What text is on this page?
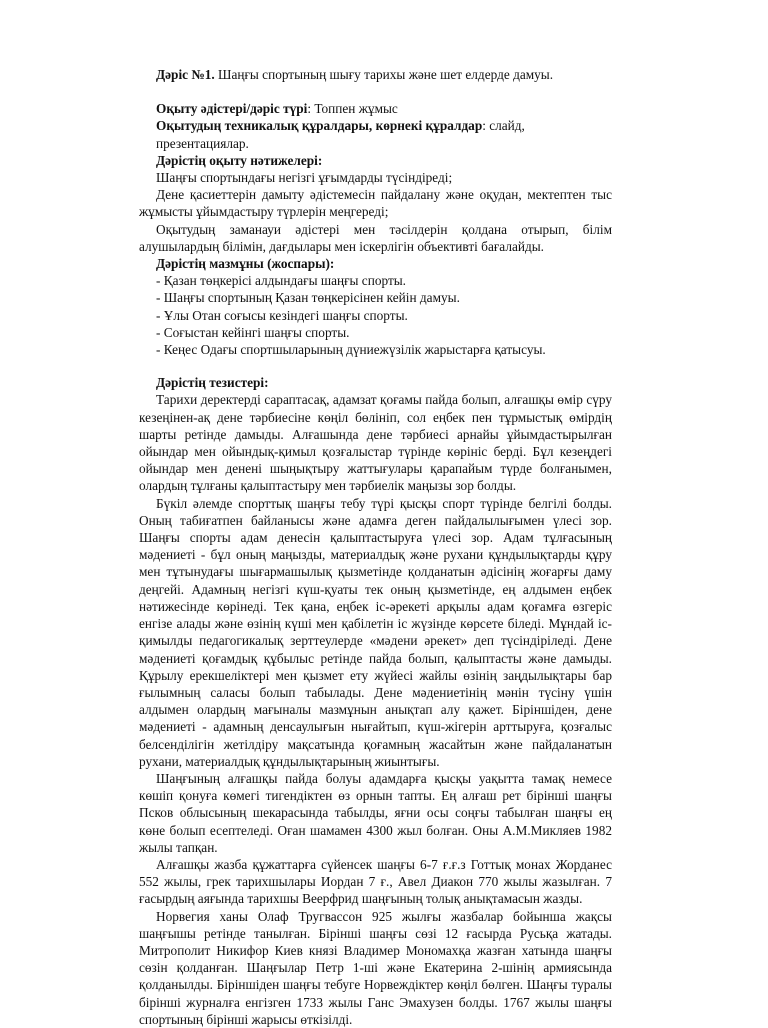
Дәріс №1. Шаңғы спортының шығу тарихы және шет елдерде дамуы.
Оқыту әдістері/дәріс түрі: Топпен жұмыс
Оқытудың техникалық құралдары, көрнекі құралдар: слайд, презентациялар.
Дәрістің оқыту нәтижелері:

Шаңғы спортындағы негізгі ұғымдарды түсіндіреді;

Дене қасиеттерін дамыту әдістемесін пайдалану және оқудан, мектептен тыс жұмысты ұйымдастыру түрлерін меңгереді;

Оқытудың заманауи әдістері мен тәсілдерін қолдана отырып, білім алушылардың білімін, дағдылары мен іскерлігін объективті бағалайды.

Дәрістің мазмұны (жоспары):
- Қазан төңкерісі алдындағы шаңғы спорты.
- Шаңғы спортының Қазан төңкерісінен кейін дамуы.
- Ұлы Отан соғысы кезіндегі шаңғы спорты.
- Соғыстан кейінгі шаңғы спорты.
- Кеңес Одағы спортшыларының дүниежүзілік жарыстарға қатысуы.
Дәрістің тезистері:

Тарихи деректерді сараптасақ, адамзат қоғамы пайда болып, алғашқы өмір сүру кезеңінен-ақ дене тәрбиесіне көңіл бөлініп, сол еңбек пен тұрмыстық өмірдің шарты ретінде дамыды. Алғашында дене тәрбиесі арнайы ұйымдастырылған ойындар мен ойындық-қимыл қозғалыстар түрінде көрініс берді. Бұл кезеңдегі ойындар мен денені шыңықтыру жаттығулары қарапайым түрде болғанымен, олардың тұлғаны қалыптастыру мен тәрбиелік маңызы зор болды.

Бүкіл әлемде спорттық шаңғы тебу түрі қысқы спорт түрінде белгілі болды. Оның табиғатпен байланысы және адамға деген пайдалылығымен үлесі зор. Шаңғы спорты адам денесін қалыптастыруға үлесі зор. Адам тұлғасының мәдениеті - бұл оның маңызды, материалдық және рухани құндылықтарды құру мен тұтынудағы шығармашылық қызметінде қолданатын әдісінің жоғарғы даму деңгейі. Адамның негізгі күш-қуаты тек оның қызметінде, ең алдымен еңбек нәтижесінде көрінеді. Тек қана, еңбек іс-әрекеті арқылы адам қоғамға өзгеріс енгізе алады және өзінің күші мен қабілетін іс жүзінде көрсете біледі. Мұндай іс-қимылды педагогикалық зерттеулерде «мәдени әрекет» деп түсіндіріледі. Дене мәдениеті қоғамдық құбылыс ретінде пайда болып, қалыптасты және дамыды. Құрылу ерекшеліктері мен қызмет ету жүйесі жайлы өзінің заңдылықтары бар ғылымның саласы болып табылады. Дене мәдениетінің мәнін түсіну үшін алдымен олардың мағыналы мазмұнын анықтап алу қажет. Біріншіден, дене мәдениеті - адамның денсаулығын нығайтып, күш-жігерін арттыруға, қозғалыс белсенділігін жетілдіру мақсатында қоғамның жасайтын және пайдаланатын рухани, материалдық құндылықтарының жиынтығы.

Шаңғының алғашқы пайда болуы адамдарға қысқы уақытта тамақ немесе көшіп қонуға көмегі тигендіктен өз орнын тапты. Ең алғаш рет бірінші шаңғы Псков облысының шекарасында табылды, яғни осы соңғы табылған шаңғы ең көне болып есептеледі. Оған шамамен 4300 жыл болған. Оны А.М.Микляев 1982 жылы тапқан.

Алғашқы жазба құжаттарға сүйенсек шаңғы 6-7 ғ.ғ.з Готтық монах Жорданес 552 жылы, грек тарихшылары Иордан 7 ғ., Авел Диакон 770 жылы жазылған. 7 ғасырдың аяғында тарихшы Веерфрид шаңғының толық анықтамасын жазды.

Норвегия ханы Олаф Тругвассон 925 жылғы жазбалар бойынша жақсы шаңғышы ретінде танылған. Бірінші шаңғы сөзі 12 ғасырда Русьқа жатады. Митрополит Никифор Киев князі Владимер Мономахқа жазған хатында шаңғы сөзін қолданған. Шаңғылар Петр 1-ші және Екатерина 2-шінің армиясында қолданылды. Біріншіден шаңғы тебуге Норвеждіктер көңіл бөлген. Шаңғы туралы бірінші журналға енгізген 1733 жылы Ганс Эмахузен болды. 1767 жылы шаңғы спортының бірінші жарысы өткізілді.
